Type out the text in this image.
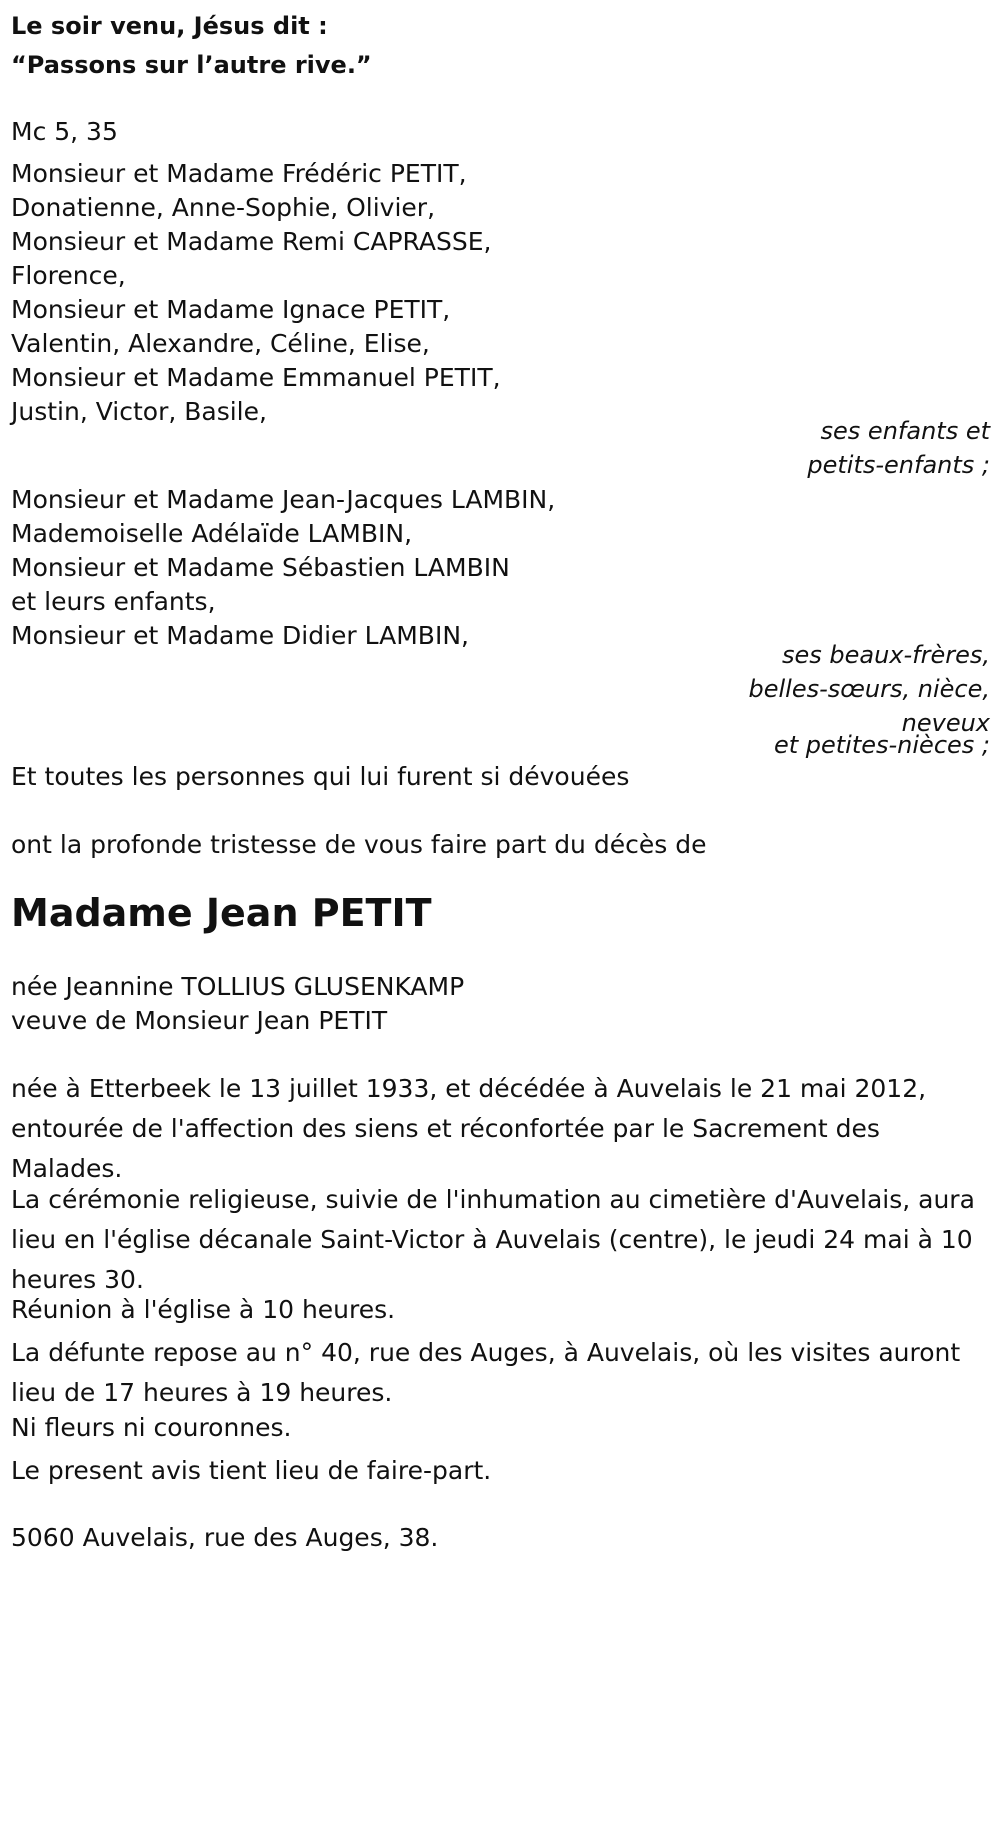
Le soir venu, Jésus dit :
“Passons sur l’autre rive.”
Mc 5, 35
Monsieur et Madame Frédéric PETIT,
Donatienne, Anne-Sophie, Olivier,
Monsieur et Madame Remi CAPRASSE,
Florence,
Monsieur et Madame Ignace PETIT,
Valentin, Alexandre, Céline, Elise,
Monsieur et Madame Emmanuel PETIT,
Justin, Victor, Basile,
ses enfants et
petits-enfants ;
Monsieur et Madame Jean-Jacques LAMBIN,
Mademoiselle Adélaïde LAMBIN,
Monsieur et Madame Sébastien LAMBIN
et leurs enfants,
Monsieur et Madame Didier LAMBIN,
ses beaux-frères,
belles-sœurs, nièce,
neveux
et petites-nièces ;
Et toutes les personnes qui lui furent si dévouées
ont la profonde tristesse de vous faire part du décès de
Madame Jean PETIT
née Jeannine TOLLIUS GLUSENKAMP
veuve de Monsieur Jean PETIT
née à Etterbeek le 13 juillet 1933, et décédée à Auvelais le 21 mai 2012, entourée de l'affection des siens et réconfortée par le Sacrement des Malades.
La cérémonie religieuse, suivie de l'inhumation au cimetière d'Auvelais, aura lieu en l'église décanale Saint-Victor à Auvelais (centre), le jeudi 24 mai à 10 heures 30.
Réunion à l'église à 10 heures.
La défunte repose au n° 40, rue des Auges, à Auvelais, où les visites auront lieu de 17 heures à 19 heures.
Ni fleurs ni couronnes.
Le present avis tient lieu de faire-part.
5060 Auvelais, rue des Auges, 38.
